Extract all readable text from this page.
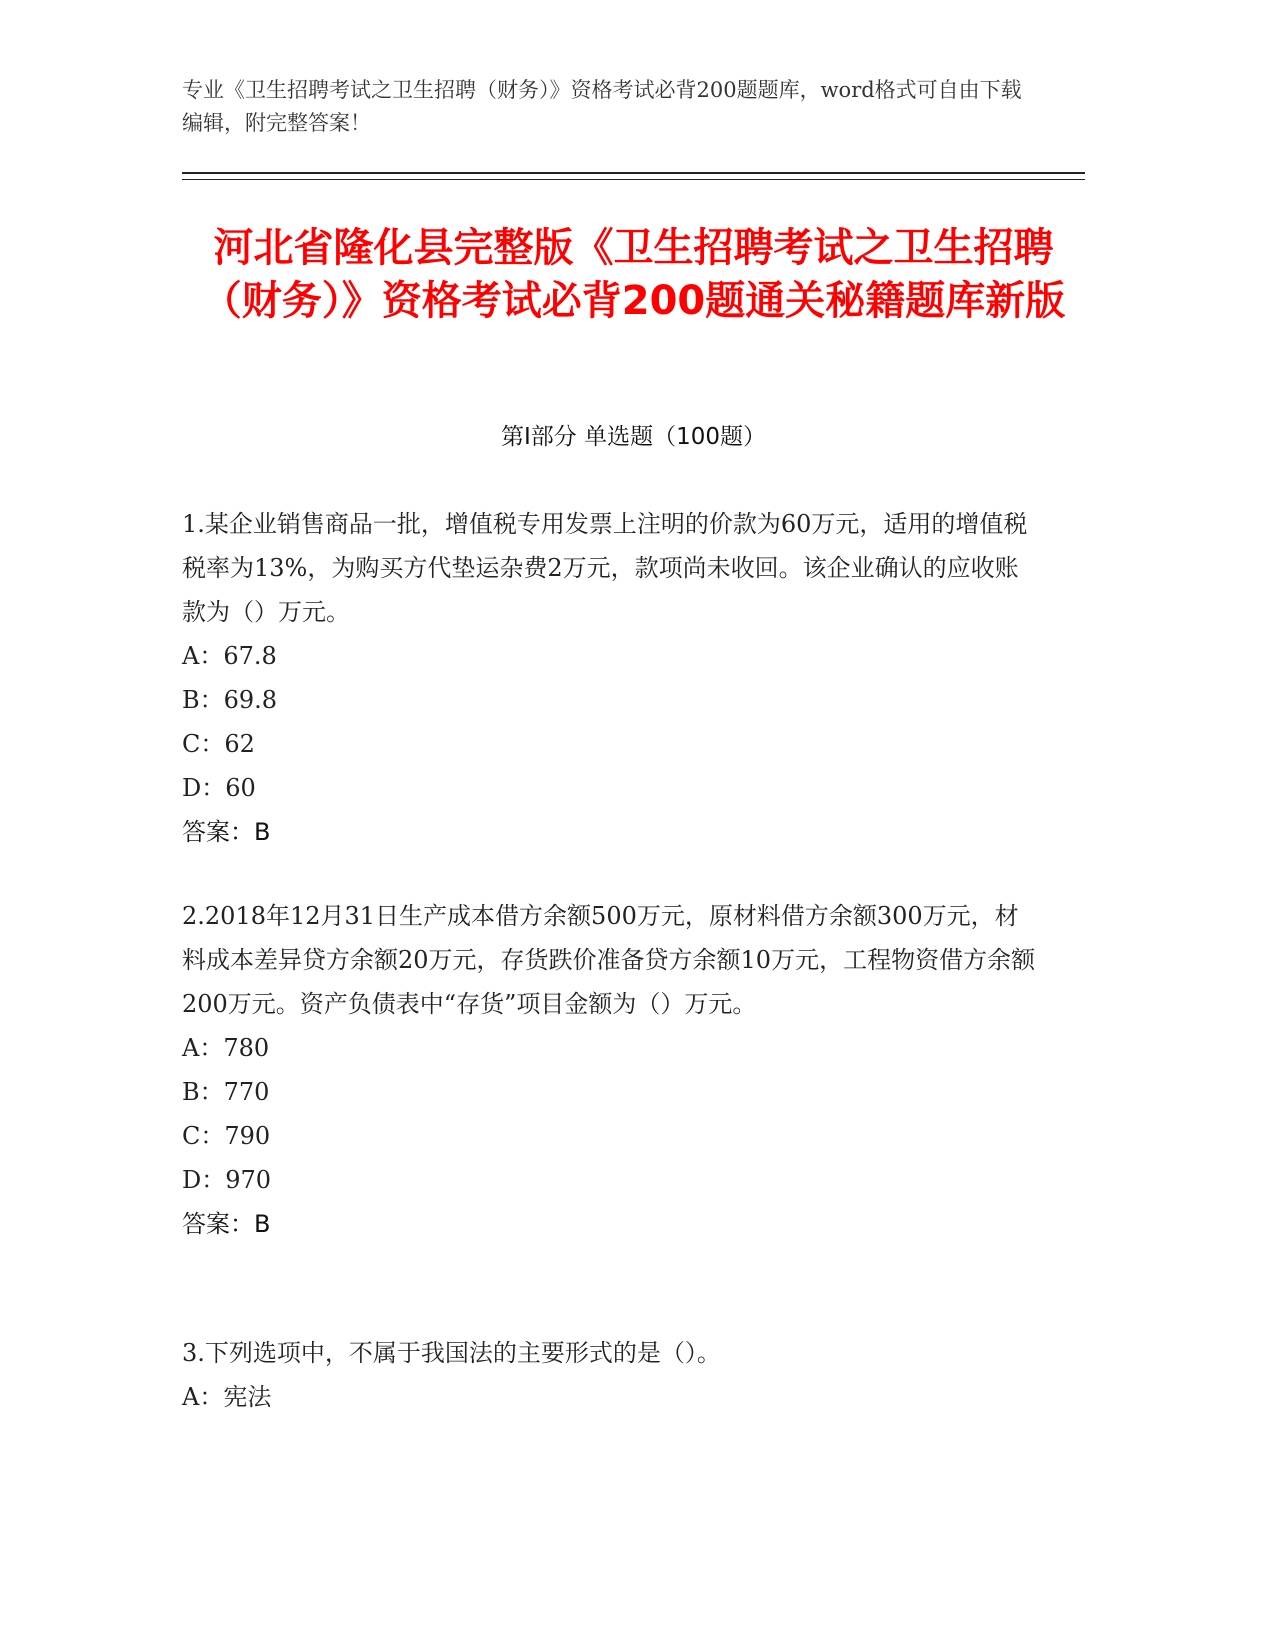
专业《卫生招聘考试之卫生招聘（财务）》资格考试必背200题题库，word格式可自由下载编辑，附完整答案！
河北省隆化县完整版《卫生招聘考试之卫生招聘（财务）》资格考试必背200题通关秘籍题库新版
第Ⅰ部分 单选题（100题）

1.某企业销售商品一批，增值税专用发票上注明的价款为60万元，适用的增值税税率为13%，为购买方代垫运杂费2万元，款项尚未收回。该企业确认的应收账款为（）万元。

A：67.8

B：69.8

C：62

D：60

答案：B

2.2018年12月31日生产成本借方余额500万元，原材料借方余额300万元，材料成本差异贷方余额20万元，存货跌价准备贷方余额10万元，工程物资借方余额200万元。资产负债表中“存货”项目金额为（）万元。

A：780

B：770

C：790

D：970

答案：B

3.下列选项中，不属于我国法的主要形式的是（）。

A：宪法
